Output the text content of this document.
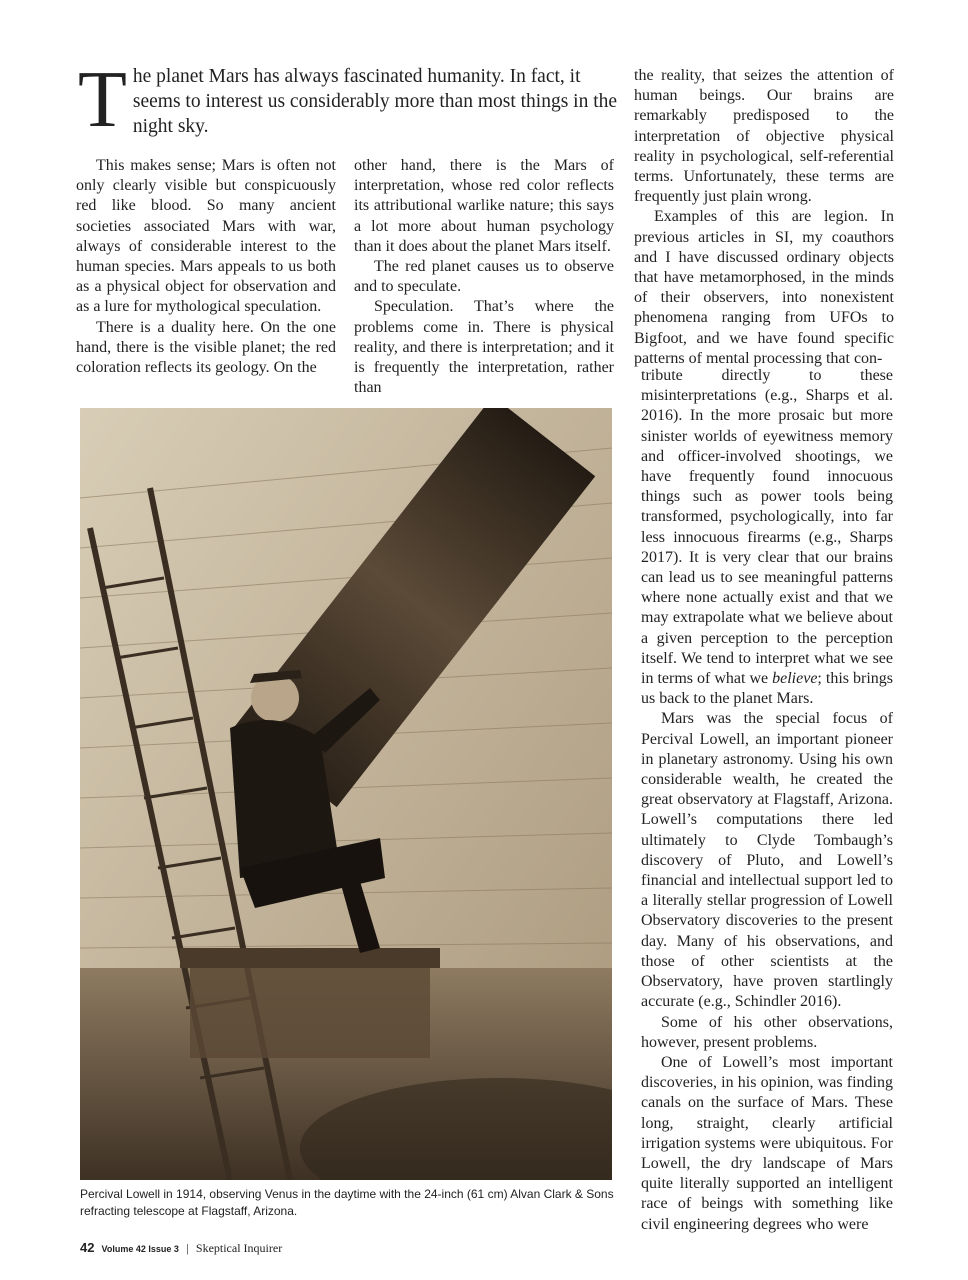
The planet Mars has always fascinated humanity. In fact, it seems to interest us considerably more than most things in the night sky.

This makes sense; Mars is often not only clearly visible but conspicuously red like blood. So many ancient societies associated Mars with war, always of considerable interest to the human species. Mars appeals to us both as a physical object for observation and as a lure for mythological speculation.

There is a duality here. On the one hand, there is the visible planet; the red coloration reflects its geology. On the

other hand, there is the Mars of interpretation, whose red color reflects its attributional warlike nature; this says a lot more about human psychology than it does about the planet Mars itself.

The red planet causes us to observe and to speculate.

Speculation. That’s where the problems come in. There is physical reality, and there is interpretation; and it is frequently the interpretation, rather than

the reality, that seizes the attention of human beings. Our brains are remarkably predisposed to the interpretation of objective physical reality in psychological, self-referential terms. Unfortunately, these terms are frequently just plain wrong.

Examples of this are legion. In previous articles in SI, my coauthors and I have discussed ordinary objects that have metamorphosed, in the minds of their observers, into nonexistent phenomena ranging from UFOs to Bigfoot, and we have found specific patterns of mental processing that con-

tribute directly to these misinterpretations (e.g., Sharps et al. 2016). In the more prosaic but more sinister worlds of eyewitness memory and officer-involved shootings, we have frequently found innocuous things such as power tools being transformed, psychologically, into far less innocuous firearms (e.g., Sharps 2017). It is very clear that our brains can lead us to see meaningful patterns where none actually exist and that we may extrapolate what we believe about a given perception to the perception itself. We tend to interpret what we see in terms of what we believe; this brings us back to the planet Mars.

Mars was the special focus of Percival Lowell, an important pioneer in planetary astronomy. Using his own considerable wealth, he created the great observatory at Flagstaff, Arizona. Lowell’s computations there led ultimately to Clyde Tombaugh’s discovery of Pluto, and Lowell’s financial and intellectual support led to a literally stellar progression of Lowell Observatory discoveries to the present day. Many of his observations, and those of other scientists at the Observatory, have proven startlingly accurate (e.g., Schindler 2016).

Some of his other observations, however, present problems.

One of Lowell’s most important discoveries, in his opinion, was finding canals on the surface of Mars. These long, straight, clearly artificial irrigation systems were ubiquitous. For Lowell, the dry landscape of Mars quite literally supported an intelligent race of beings with something like civil engineering degrees who were

Percival Lowell in 1914, observing Venus in the daytime with the 24-inch (61 cm) Alvan Clark & Sons refracting telescope at Flagstaff, Arizona.
42 Volume 42 Issue 3 | Skeptical Inquirer
